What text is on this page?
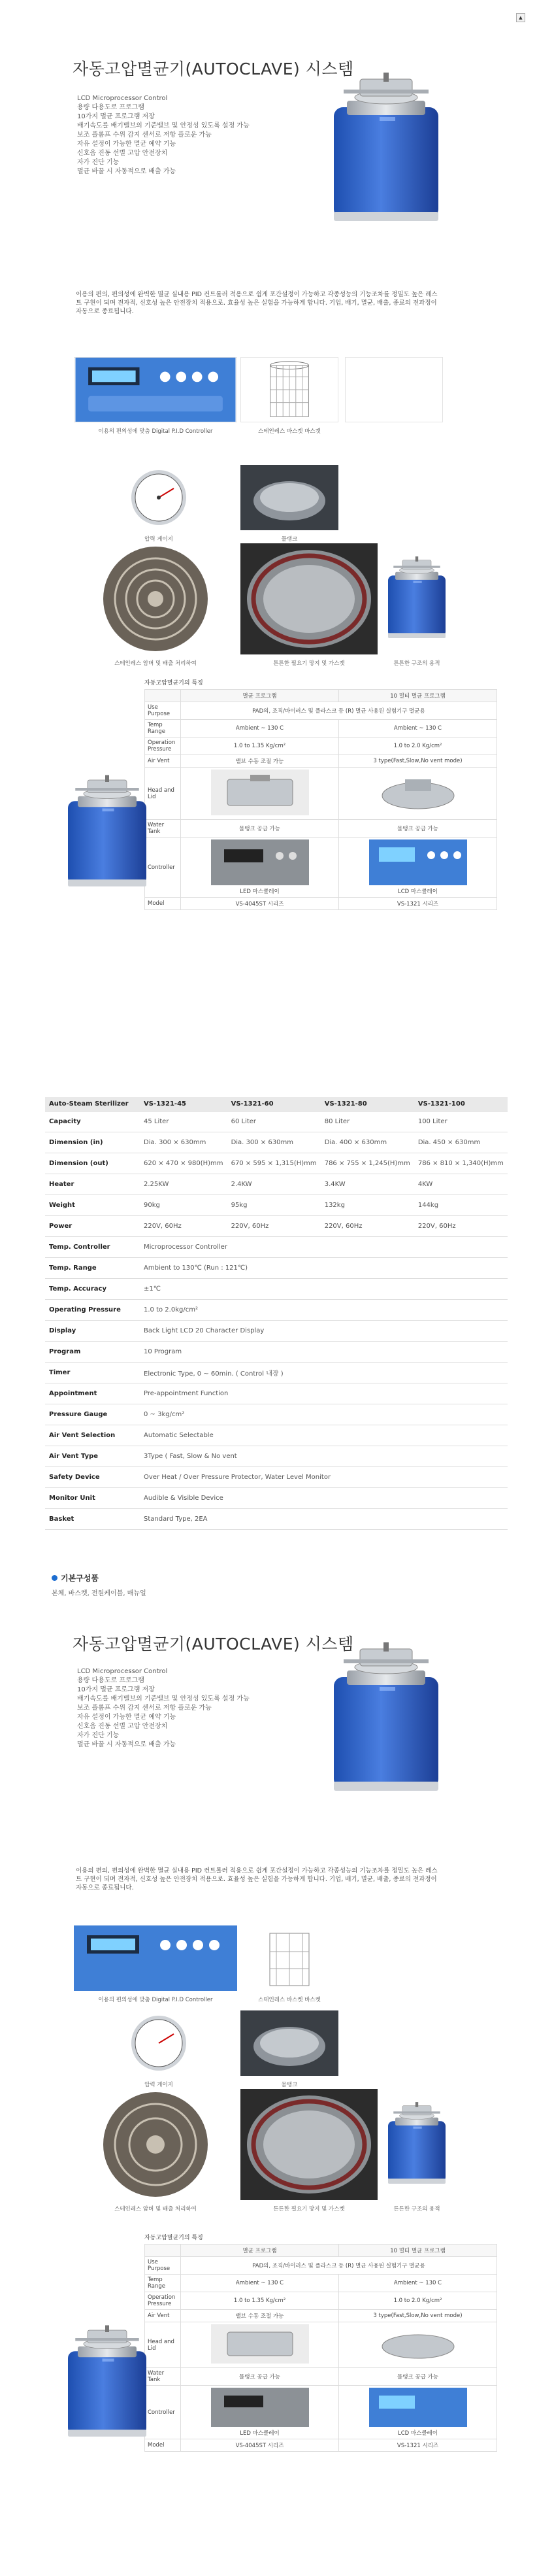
▲
자동고압멸균기(AUTOCLAVE) 시스템
LCD Microprocessor Control
용량 다용도로 프로그램
10가지 멸균 프로그램 저장
배기속도를 배기밸브의 기준밸브 및 안정성 있도록 설정 가능
보조 플롬프 수위 감지 센서로 저항 플로운 가능
자유 설정이 가능한 멸균 예약 기능
신호음 진동 선별 고압 안전장치
자가 진단 기능
멸균 바꿀 시 자동적으로 배출 가능
이용의 편의, 편의성에 완벽한 멸균 실내용 PID 컨트롤러 적용으로 쉽게 포간설정이 가능하고 각종성능의 기능조차를 정밀도 높은 레스트 구현이 되며 전자적, 신호성 높은 안전장치 적용으로. 효율성 높은 실험을 가능하게 합니다. 기업, 배기, 멸균, 배출, 종료의 전과정이 자동으로 종료됩니다.
이용의 편의성에 맞춤 Digital P.I.D Controller	스테인레스 바스켓 바스켓
압력 게이지	물탱크
스테인레스 암버 및 배출 처리하여	튼튼한 필요기 망지 및 가스켓	튼튼한 구조의 용적
자동고압멸균기의 특징
	멸균 프로그램	10 멀티 멸균 프로그램
Use Purpose	PAD의, 조직/바이러스 및 플라스크 등 (R) 멸균 사용된 실험기구 멸균용	
Temp Range	Ambient ~ 130 C	Ambient ~ 130 C
Operation Pressure	1.0 to 1.35 Kg/cm²	1.0 to 2.0 Kg/cm²
Air Vent	밸브 수동 조절 가능	3 type(Fast,Slow,No vent mode)
Head and Lid		
Water Tank	물탱크 공급 가능	물탱크 공급 가능
Controller	LED 마스클레이	LCD 마스클레이

Model	VS-4045ST 시리즈	VS-1321 시리즈
Auto-Steam Sterilizer	VS-1321-45	VS-1321-60	VS-1321-80	VS-1321-100
Capacity	45 Liter	60 Liter	80 Liter	100 Liter
Dimension (in)	Dia. 300 × 630mm	Dia. 300 × 630mm	Dia. 400 × 630mm	Dia. 450 × 630mm
Dimension (out)	620 × 470 × 980(H)mm	670 × 595 × 1,315(H)mm	786 × 755 × 1,245(H)mm	786 × 810 × 1,340(H)mm
Heater	2.25KW	2.4KW	3.4KW	4KW
Weight	90kg	95kg	132kg	144kg
Power	220V, 60Hz	220V, 60Hz	220V, 60Hz	220V, 60Hz
Temp. Controller	Microprocessor Controller			
Temp. Range	Ambient to 130℃ (Run : 121℃)			
Temp. Accuracy	±1℃			
Operating Pressure	1.0 to 2.0kg/cm²			
Display	Back Light LCD 20 Character Display			
Program	10 Program			
Timer	Electronic Type, 0 ~ 60min. ( Control 내장 )			
Appointment	Pre-appointment Function			
Pressure Gauge	0 ~ 3kg/cm²			
Air Vent Selection	Automatic Selectable			
Air Vent Type	3Type ( Fast, Slow & No vent			
Safety Device	Over Heat / Over Pressure Protector, Water Level Monitor			
Monitor Unit	Audible & Visible Device			
Basket	Standard Type, 2EA			
기본구성품
본체, 바스켓, 전원케이블, 매뉴얼
자동고압멸균기(AUTOCLAVE) 시스템
LCD Microprocessor Control
용량 다용도로 프로그램
10가지 멸균 프로그램 저장
배기속도를 배기밸브의 기준밸브 및 안정성 있도록 설정 가능
보조 플롬프 수위 감지 센서로 저항 플로운 가능
자유 설정이 가능한 멸균 예약 기능
신호음 진동 선별 고압 안전장치
자가 진단 기능
멸균 바꿀 시 자동적으로 배출 가능
이용의 편의, 편의성에 완벽한 멸균 실내용 PID 컨트롤러 적용으로 쉽게 포간설정이 가능하고 각종성능의 기능조차를 정밀도 높은 레스트 구현이 되며 전자적, 신호성 높은 안전장치 적용으로. 효율성 높은 실험을 가능하게 합니다. 기업, 배기, 멸균, 배출, 종료의 전과정이 자동으로 종료됩니다.
이용의 편의성에 맞춤 Digital P.I.D Controller	스테인레스 바스켓 바스켓
압력 게이지	물탱크
스테인레스 암버 및 배출 처리하여	튼튼한 필요기 망지 및 가스켓	튼튼한 구조의 용적
자동고압멸균기의 특징
	멸균 프로그램	10 멀티 멸균 프로그램
Use Purpose	PAD의, 조직/바이러스 및 플라스크 등 (R) 멸균 사용된 실험기구 멸균용	
Temp Range	Ambient ~ 130 C	Ambient ~ 130 C
Operation Pressure	1.0 to 1.35 Kg/cm²	1.0 to 2.0 Kg/cm²
Air Vent	밸브 수동 조절 가능	3 type(Fast,Slow,No vent mode)
Head and Lid		
Water Tank	물탱크 공급 가능	물탱크 공급 가능
Controller	LED 마스클레이	LCD 마스클레이

Model	VS-4045ST 시리즈	VS-1321 시리즈
